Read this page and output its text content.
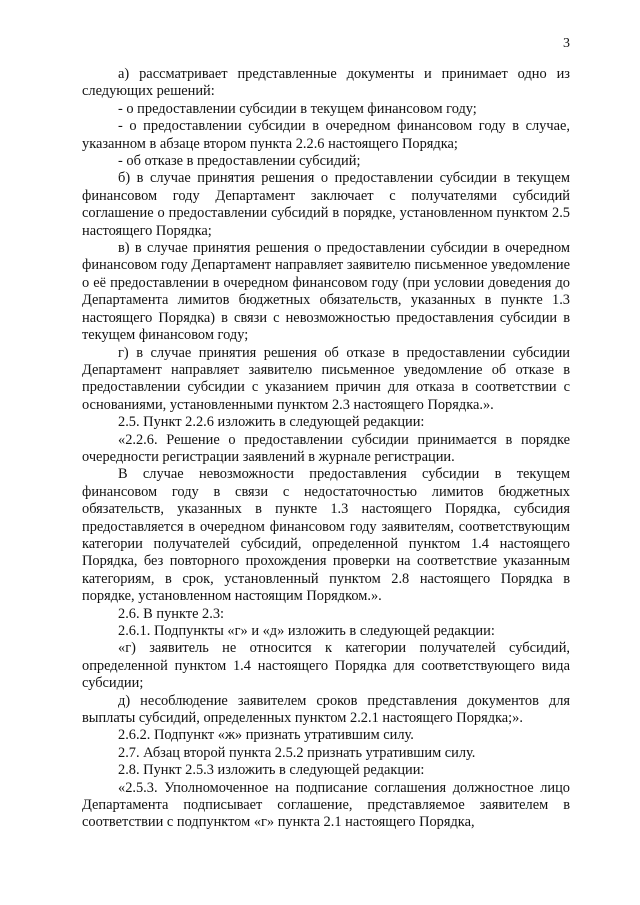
3

а) рассматривает представленные документы и принимает одно из следующих решений:

- о предоставлении субсидии в текущем финансовом году;

- о предоставлении субсидии в очередном финансовом году в случае, указанном в абзаце втором пункта 2.2.6 настоящего Порядка;

- об отказе в предоставлении субсидий;

б) в случае принятия решения о предоставлении субсидии в текущем финансовом году Департамент заключает с получателями субсидий соглашение о предоставлении субсидий в порядке, установленном пунктом 2.5 настоящего Порядка;

в) в случае принятия решения о предоставлении субсидии в очередном финансовом году Департамент направляет заявителю письменное уведомление о её предоставлении в очередном финансовом году (при условии доведения до Департамента лимитов бюджетных обязательств, указанных в пункте 1.3 настоящего Порядка) в связи с невозможностью предоставления субсидии в текущем финансовом году;

г) в случае принятия решения об отказе в предоставлении субсидии Департамент направляет заявителю письменное уведомление об отказе в предоставлении субсидии с указанием причин для отказа в соответствии с основаниями, установленными пунктом 2.3 настоящего Порядка.».

2.5. Пункт 2.2.6 изложить в следующей редакции:

«2.2.6. Решение о предоставлении субсидии принимается в порядке очередности регистрации заявлений в журнале регистрации.

В случае невозможности предоставления субсидии в текущем финансовом году в связи с недостаточностью лимитов бюджетных обязательств, указанных в пункте 1.3 настоящего Порядка, субсидия предоставляется в очередном финансовом году заявителям, соответствующим категории получателей субсидий, определенной пунктом 1.4 настоящего Порядка, без повторного прохождения проверки на соответствие указанным категориям, в срок, установленный пунктом 2.8 настоящего Порядка в порядке, установленном настоящим Порядком.».

2.6. В пункте 2.3:

2.6.1. Подпункты «г» и «д» изложить в следующей редакции:

«г) заявитель не относится к категории получателей субсидий, определенной пунктом 1.4 настоящего Порядка для соответствующего вида субсидии;

д) несоблюдение заявителем сроков представления документов для выплаты субсидий, определенных пунктом 2.2.1 настоящего Порядка;».

2.6.2. Подпункт «ж» признать утратившим силу.

2.7. Абзац второй пункта 2.5.2 признать утратившим силу.

2.8. Пункт 2.5.3 изложить в следующей редакции:

«2.5.3. Уполномоченное на подписание соглашения должностное лицо Департамента подписывает соглашение, представляемое заявителем в соответствии с подпунктом «г» пункта 2.1 настоящего Порядка,
